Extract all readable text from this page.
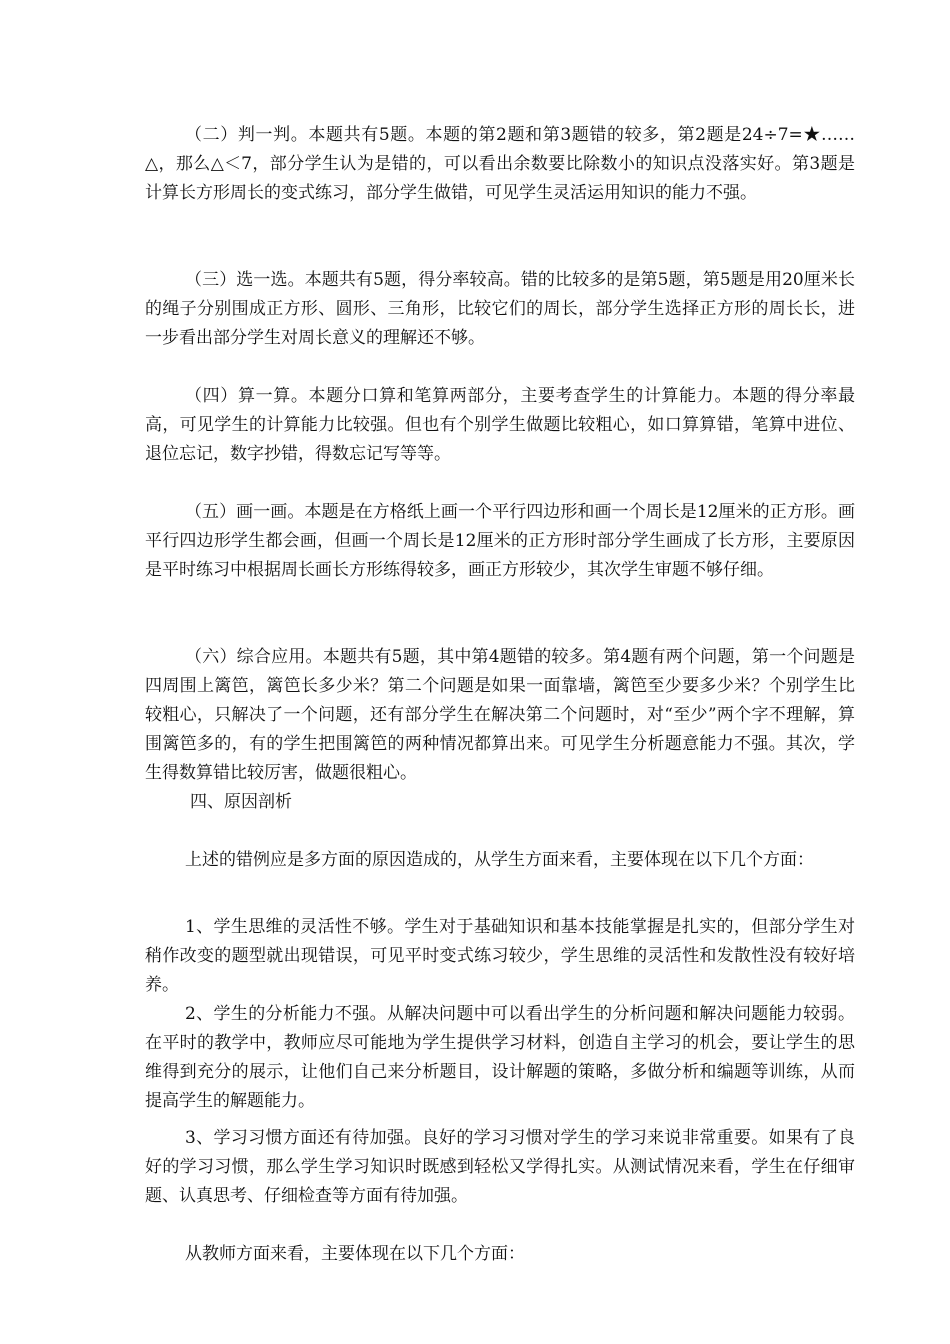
（二）判一判。本题共有5题。本题的第2题和第3题错的较多，第2题是24÷7=★……△，那么△＜7，部分学生认为是错的，可以看出余数要比除数小的知识点没落实好。第3题是计算长方形周长的变式练习，部分学生做错，可见学生灵活运用知识的能力不强。

（三）选一选。本题共有5题，得分率较高。错的比较多的是第5题，第5题是用20厘米长的绳子分别围成正方形、圆形、三角形，比较它们的周长，部分学生选择正方形的周长长，进一步看出部分学生对周长意义的理解还不够。

（四）算一算。本题分口算和笔算两部分，主要考查学生的计算能力。本题的得分率最高，可见学生的计算能力比较强。但也有个别学生做题比较粗心，如口算算错，笔算中进位、退位忘记，数字抄错，得数忘记写等等。

（五）画一画。本题是在方格纸上画一个平行四边形和画一个周长是12厘米的正方形。画平行四边形学生都会画，但画一个周长是12厘米的正方形时部分学生画成了长方形，主要原因是平时练习中根据周长画长方形练得较多，画正方形较少，其次学生审题不够仔细。

（六）综合应用。本题共有5题，其中第4题错的较多。第4题有两个问题，第一个问题是四周围上篱笆，篱笆长多少米？第二个问题是如果一面靠墙，篱笆至少要多少米？个别学生比较粗心，只解决了一个问题，还有部分学生在解决第二个问题时，对“至少”两个字不理解，算围篱笆多的，有的学生把围篱笆的两种情况都算出来。可见学生分析题意能力不强。其次，学生得数算错比较厉害，做题很粗心。

四、原因剖析

上述的错例应是多方面的原因造成的，从学生方面来看，主要体现在以下几个方面：

1、学生思维的灵活性不够。学生对于基础知识和基本技能掌握是扎实的，但部分学生对稍作改变的题型就出现错误，可见平时变式练习较少，学生思维的灵活性和发散性没有较好培养。

2、学生的分析能力不强。从解决问题中可以看出学生的分析问题和解决问题能力较弱。在平时的教学中，教师应尽可能地为学生提供学习材料，创造自主学习的机会，要让学生的思维得到充分的展示，让他们自己来分析题目，设计解题的策略，多做分析和编题等训练，从而提高学生的解题能力。

3、学习习惯方面还有待加强。良好的学习习惯对学生的学习来说非常重要。如果有了良好的学习习惯，那么学生学习知识时既感到轻松又学得扎实。从测试情况来看，学生在仔细审题、认真思考、仔细检查等方面有待加强。

从教师方面来看，主要体现在以下几个方面：
